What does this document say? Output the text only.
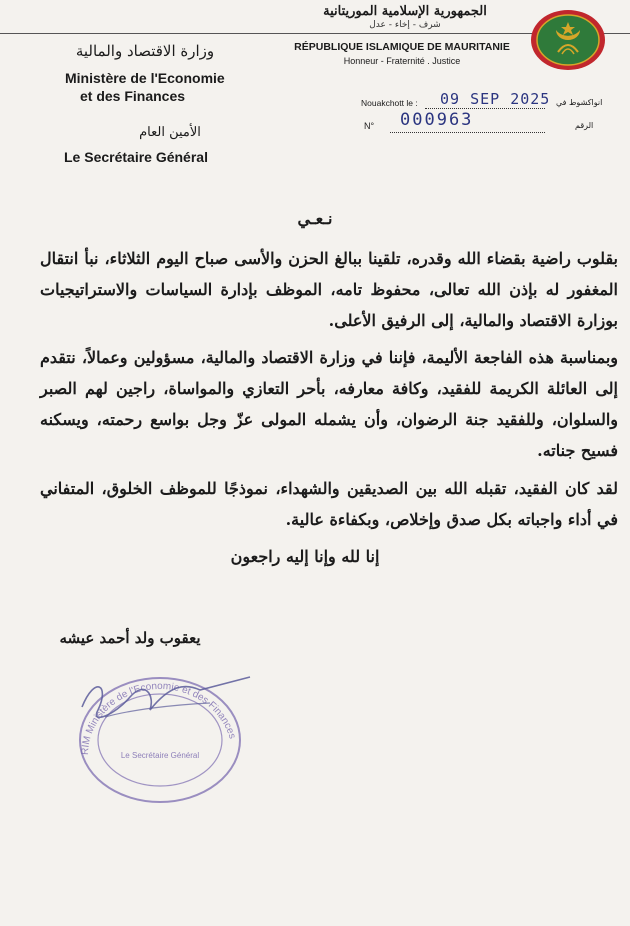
الجمهورية الإسلامية الموريتانية
شرف - إخاء - عدل
RÉPUBLIQUE ISLAMIQUE DE MAURITANIE
Honneur - Fraternité . Justice
وزارة الاقتصاد والمالية
Ministère de l'Economie
et des Finances
الأمين العام
Le Secrétaire Général
Nouakchott le : 09 SEP 2025 انواكشوط في
N° 000963	الرقم
نـعـي
بقلوب راضية بقضاء الله وقدره، تلقينا ببالغ الحزن والأسى صباح اليوم الثلاثاء، نبأ انتقال المغفور له بإذن الله تعالى، محفوظ تامه، الموظف بإدارة السياسات والاستراتيجيات بوزارة الاقتصاد والمالية، إلى الرفيق الأعلى.
وبمناسبة هذه الفاجعة الأليمة، فإننا في وزارة الاقتصاد والمالية، مسؤولين وعمالاً، نتقدم إلى العائلة الكريمة للفقيد، وكافة معارفه، بأحر التعازي والمواساة، راجين لهم الصبر والسلوان، وللفقيد جنة الرضوان، وأن يشمله المولى عزّ وجل بواسع رحمته، ويسكنه فسيح جناته.
لقد كان الفقيد، تقبله الله بين الصديقين والشهداء، نموذجًا للموظف الخلوق، المتفاني في أداء واجباته بكل صدق وإخلاص، وبكفاءة عالية.
إنا لله وإنا إليه راجعون
يعقوب ولد أحمد عيشه
RIM Ministère de l'Economie et des Finances
Le Secrétaire Général
